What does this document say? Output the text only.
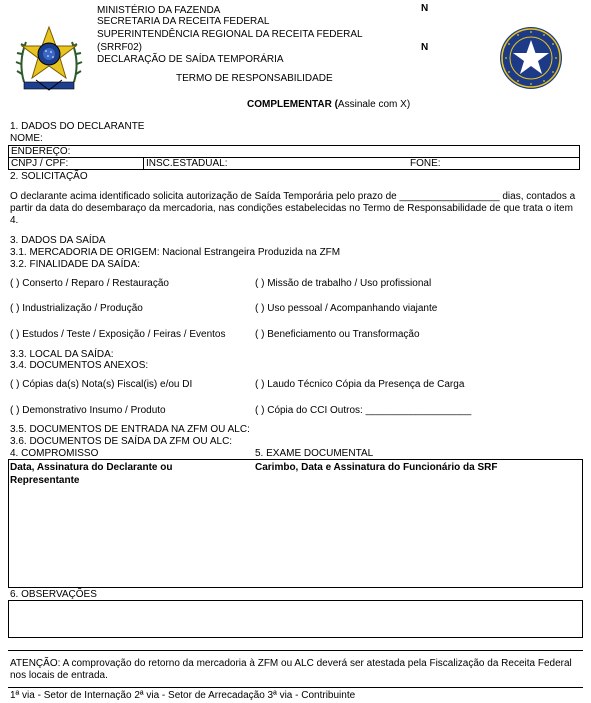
MINISTÉRIO DA FAZENDA
SECRETARIA DA RECEITA FEDERAL
SUPERINTENDÊNCIA REGIONAL DA RECEITA FEDERAL
(SRRF02)
DECLARAÇÃO DE SAÍDA TEMPORÁRIA
TERMO DE RESPONSABILIDADE
N
N
COMPLEMENTAR (Assinale com X)
1. DADOS DO DECLARANTE
NOME:
ENDEREÇO:
CNPJ / CPF:	INSC.ESTADUAL:	FONE:
2. SOLICITAÇÃO
O declarante acima identificado solicita autorização de Saída Temporária pelo prazo de __________________ dias, contados a partir da data do desembaraço da mercadoria, nas condições estabelecidas no Termo de Responsabilidade de que trata o item 4.
3. DADOS DA SAÍDA
3.1. MERCADORIA DE ORIGEM: Nacional Estrangeira Produzida na ZFM
3.2. FINALIDADE DA SAÍDA:
( ) Conserto / Reparo / Restauração	( ) Missão de trabalho / Uso profissional
( ) Industrialização / Produção	( ) Uso pessoal / Acompanhando viajante
( ) Estudos / Teste / Exposição / Feiras / Eventos	( ) Beneficiamento ou Transformação
3.3. LOCAL DA SAÍDA:
3.4. DOCUMENTOS ANEXOS:
( ) Cópias da(s) Nota(s) Fiscal(is) e/ou DI	( ) Laudo Técnico Cópia da Presença de Carga
( ) Demonstrativo Insumo / Produto	( ) Cópia do CCI Outros: ___________________
3.5. DOCUMENTOS DE ENTRADA NA ZFM OU ALC:
3.6. DOCUMENTOS DE SAÍDA DA ZFM OU ALC:
4. COMPROMISSO	5. EXAME DOCUMENTAL
Data, Assinatura do Declarante ou
Representante
Carimbo, Data e Assinatura do Funcionário da SRF
6. OBSERVAÇÕES
ATENÇÃO: A comprovação do retorno da mercadoria à ZFM ou ALC deverá ser atestada pela Fiscalização da Receita Federal nos locais de entrada.
1ª via - Setor de Internação 2ª via - Setor de Arrecadação 3ª via - Contribuinte
